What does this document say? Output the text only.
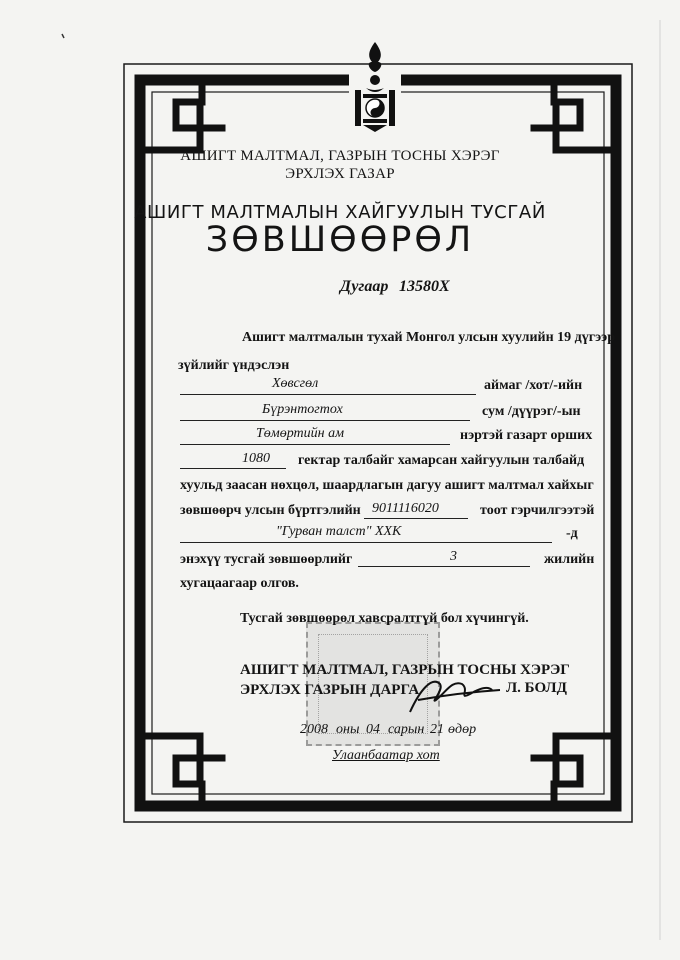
АШИГТ МАЛТМАЛ, ГАЗРЫН ТОСНЫ ХЭРЭГ
ЭРХЛЭХ ГАЗАР
АШИГТ МАЛТМАЛЫН ХАЙГУУЛЫН ТУСГАЙ
ЗӨВШӨӨРӨЛ
Дугаар 13580X
Ашигт малтмалын тухай Монгол улсын хуулийн 19 дүгээр
зүйлийг үндэслэн
Хөвсгөл	аймаг /хот/-ийн
Бүрэнтогтох	сум /дүүрэг/-ын
Төмөртийн ам	нэртэй газарт орших
1080 гектар талбайг хамарсан хайгуулын талбайд
хуульд заасан нөхцөл, шаардлагын дагуу ашигт малтмал хайхыг
зөвшөөрч улсын бүртгэлийн 9011116020	тоот гэрчилгээтэй
"Гурван талст" ХХК	-д
энэхүү тусгай зөвшөөрлийг	3	жилийн
хугацаагаар олгов.
Тусгай зөвшөөрөл хавсралтгүй бол хүчингүй.
АШИГТ МАЛТМАЛ, ГАЗРЫН ТОСНЫ ХЭРЭГ
ЭРХЛЭХ ГАЗРЫН ДАРГА	Л. БОЛД
2008 оны 04 сарын 21 өдөр
Улаанбаатар хот
